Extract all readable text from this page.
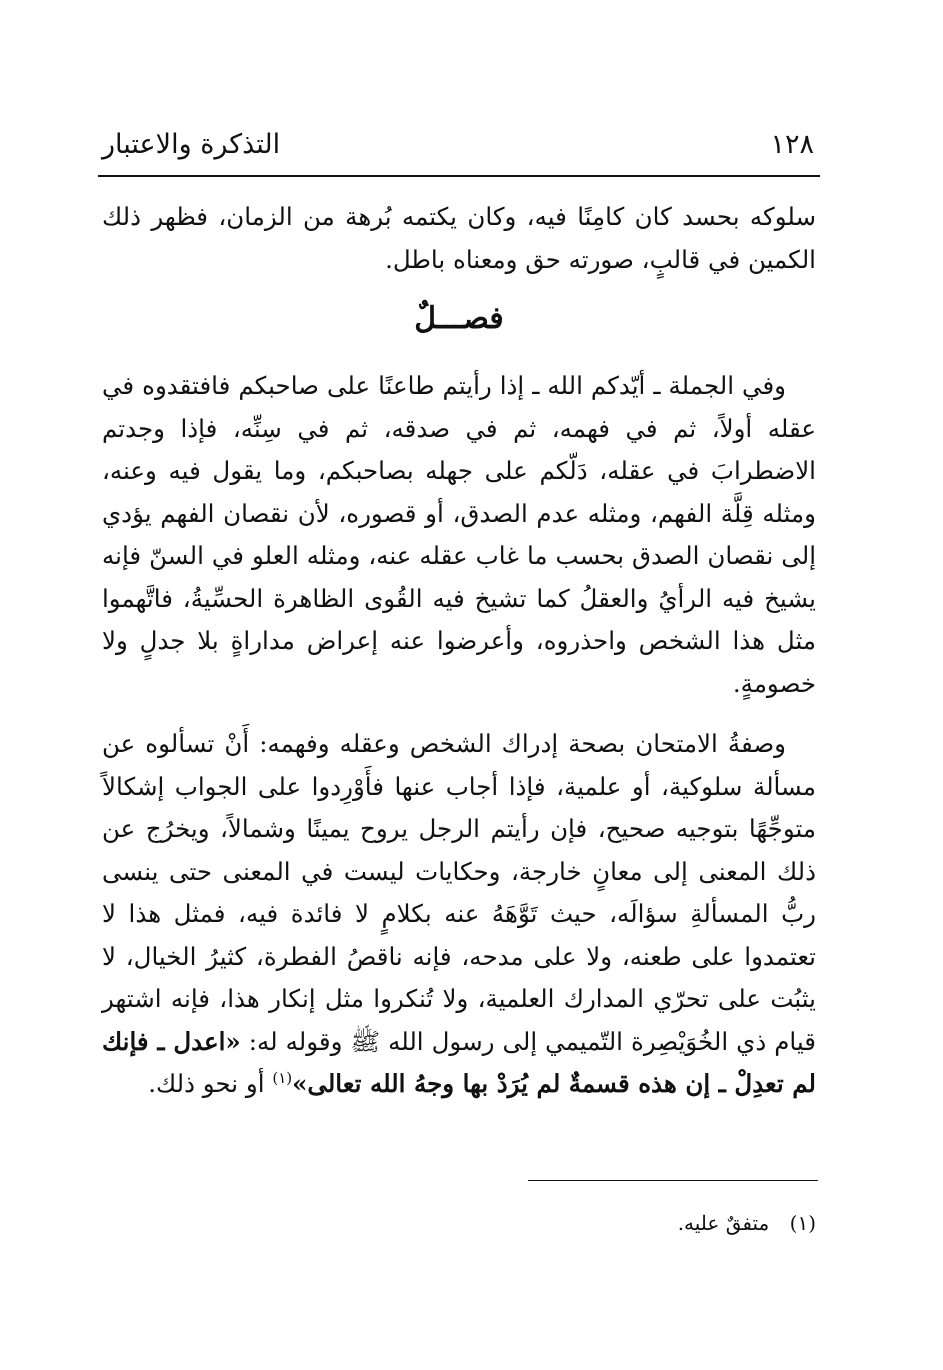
١٢٨
التذكرة والاعتبار

سلوكه بحسد كان كامِنًا فيه، وكان يكتمه بُرهة من الزمان، فظهر ذلك الكمين في قالبٍ، صورته حق ومعناه باطل.

فصـــلٌ

وفي الجملة ـ أيّدكم الله ـ إذا رأيتم طاعنًا على صاحبكم فافتقدوه في عقله أولاً، ثم في فهمه، ثم في صدقه، ثم في سِنِّه، فإذا وجدتم الاضطرابَ في عقله، دَلّكم على جهله بصاحبكم، وما يقول فيه وعنه، ومثله قِلَّة الفهم، ومثله عدم الصدق، أو قصوره، لأن نقصان الفهم يؤدي إلى نقصان الصدق بحسب ما غاب عقله عنه، ومثله العلو في السنّ فإنه يشيخ فيه الرأيُ والعقلُ كما تشيخ فيه القُوى الظاهرة الحسِّيةُ، فاتَّهموا مثل هذا الشخص واحذروه، وأعرضوا عنه إعراض مداراةٍ بلا جدلٍ ولا خصومةٍ.

وصفةُ الامتحان بصحة إدراك الشخص وعقله وفهمه: أَنْ تسألوه عن مسألة سلوكية، أو علمية، فإذا أجاب عنها فأَوْرِدوا على الجواب إشكالاً متوجِّهًا بتوجيه صحيح، فإن رأيتم الرجل يروح يمينًا وشمالاً، ويخرُج عن ذلك المعنى إلى معانٍ خارجة، وحكايات ليست في المعنى حتى ينسى ربُّ المسألةِ سؤالَه، حيث تَوَّهَهُ عنه بكلامٍ لا فائدة فيه، فمثل هذا لا تعتمدوا على طعنه، ولا على مدحه، فإنه ناقصُ الفطرة، كثيرُ الخيال، لا يثبُت على تحرّي المدارك العلمية، ولا تُنكروا مثل إنكار هذا، فإنه اشتهر قيام ذي الخُوَيْصِرة التّميمي إلى رسول الله ﷺ وقوله له: «اعدل ـ فإنك لم تعدِلْ ـ إن هذه قسمةٌ لم يُرَدْ بها وجهُ الله تعالى»$^{(١)}$ أو نحو ذلك.

(١) متفقٌ عليه.
